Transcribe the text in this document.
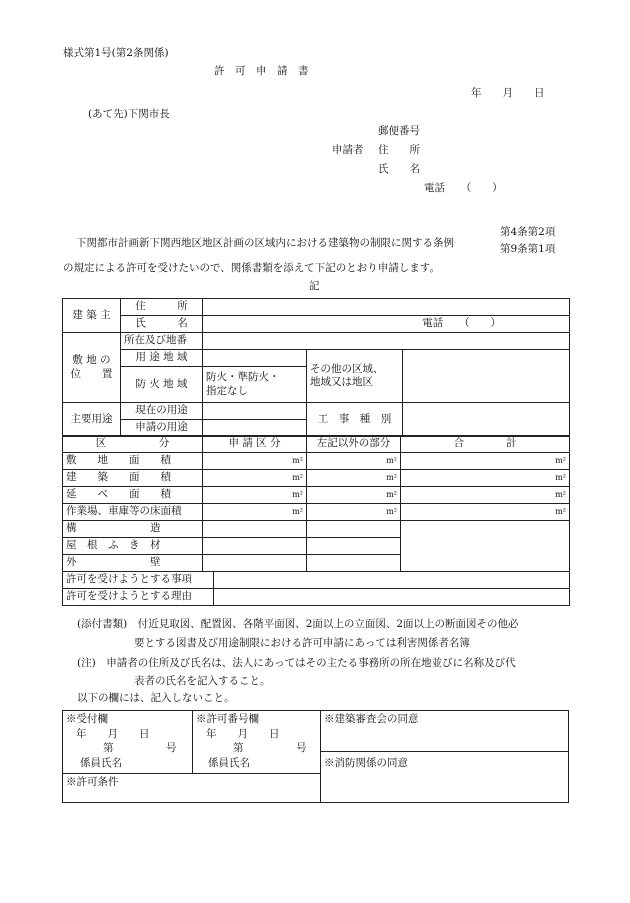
様式第1号(第2条関係)
許　可　申　請　書
年　　月　　日
(あて先)下関市長
郵便番号
申請者 住　　所
氏　　名
電話　　（　　）
下関都市計画新下関西地区地区計画の区域内における建築物の制限に関する条例
第4条第2項
第9条第1項
の規定による許可を受けたいので、関係書類を添えて下記のとおり申請します。
記
建 築 主	住　　　所			
	氏　　　名	電話　　（　　）		
敷 地 の
位　　置	所在及び地番			
	用 途 地 域		その他の区域、
地域又は地区	
	防 火 地 域	防火・準防火・
指定なし		
主要用途	現在の用途		工　事　種　別	
	申請の用途			
区　　　　　分	申 請 区 分		左記以外の部分	合　　　　計
敷　　地　　面　　積	m²		m²	m²
建　　築　　面　　積	m²		m²	m²
延　　べ　　面　　積	m²		m²	m²
作業場、車庫等の床面積	m²		m²	m²
構　　　　　　　造				
屋　根　ふ　き　材				
外　　　　　　　壁				
許可を受けようとする事項				
許可を受けようとする理由				
(添付書類)　付近見取図、配置図、各階平面図、2面以上の立面図、2面以上の断面図その他必
要とする図書及び用途制限における許可申請にあっては利害関係者名簿
(注)　申請者の住所及び氏名は、法人にあってはその主たる事務所の所在地並びに名称及び代
表者の氏名を記入すること。
以下の欄には、記入しないこと。
※受付欄
年　　月　　日
第　　　　　号
係員氏名
※許可番号欄
年　　月　　日
第　　　　　号
係員氏名
※建築審査会の同意
※消防関係の同意
※許可条件
